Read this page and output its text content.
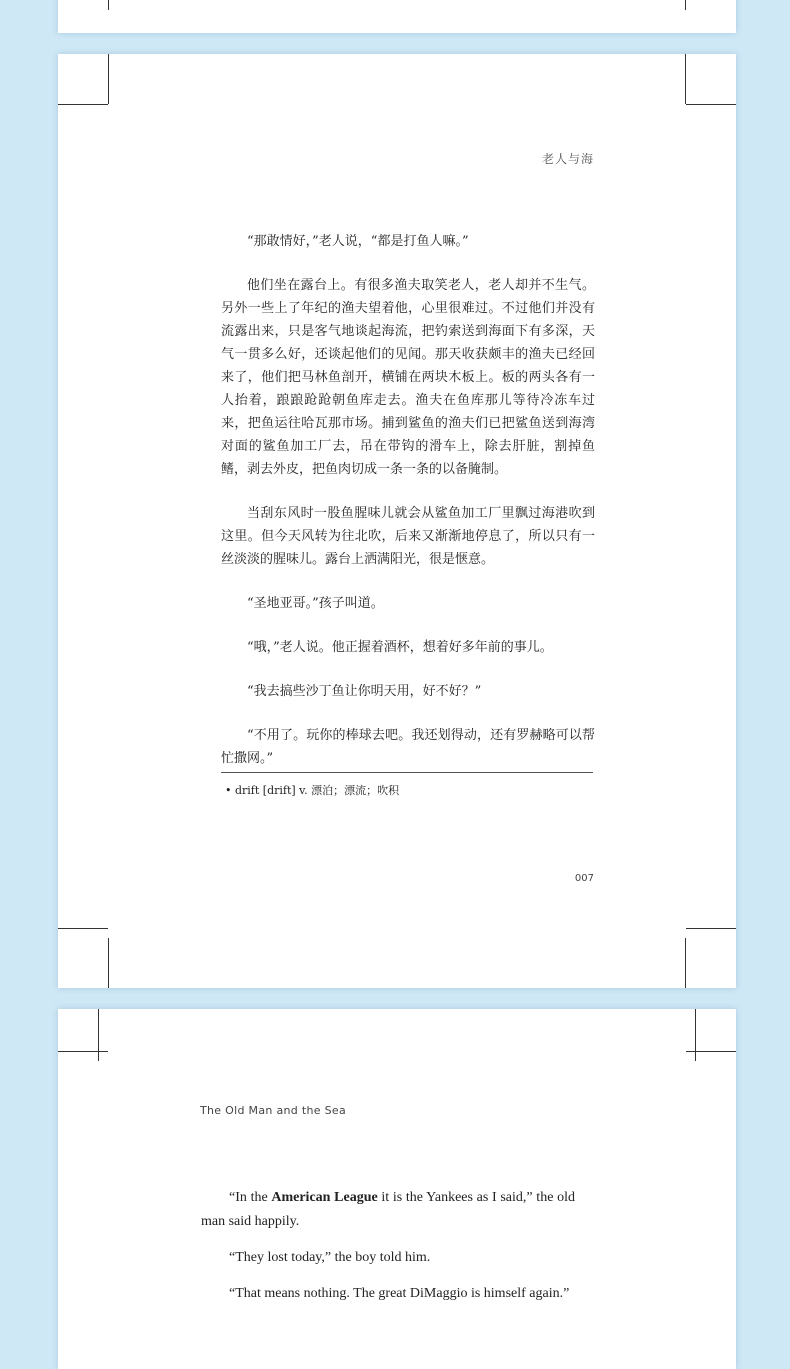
老人与海

“那敢情好，”老人说，“都是打鱼人嘛。”

他们坐在露台上。有很多渔夫取笑老人，老人却并不生气。另外一些上了年纪的渔夫望着他，心里很难过。不过他们并没有流露出来，只是客气地谈起海流，把钓索送到海面下有多深，天气一贯多么好，还谈起他们的见闻。那天收获颇丰的渔夫已经回来了，他们把马林鱼剖开，横铺在两块木板上。板的两头各有一人抬着，踉踉跄跄朝鱼库走去。渔夫在鱼库那儿等待冷冻车过来，把鱼运往哈瓦那市场。捕到鲨鱼的渔夫们已把鲨鱼送到海湾对面的鲨鱼加工厂去，吊在带钩的滑车上，除去肝脏，割掉鱼鳍，剥去外皮，把鱼肉切成一条一条的以备腌制。

当刮东风时一股鱼腥味儿就会从鲨鱼加工厂里飘过海港吹到这里。但今天风转为往北吹，后来又渐渐地停息了，所以只有一丝淡淡的腥味儿。露台上洒满阳光，很是惬意。

“圣地亚哥。”孩子叫道。

“哦，”老人说。他正握着酒杯，想着好多年前的事儿。

“我去搞些沙丁鱼让你明天用，好不好？”

“不用了。玩你的棒球去吧。我还划得动，还有罗赫略可以帮忙撒网。”

• drift [drift] v. 漂泊；漂流；吹积
007
The Old Man and the Sea

“In the American League it is the Yankees as I said,” the old man said happily.

“They lost today,” the boy told him.

“That means nothing. The great DiMaggio is himself again.”
